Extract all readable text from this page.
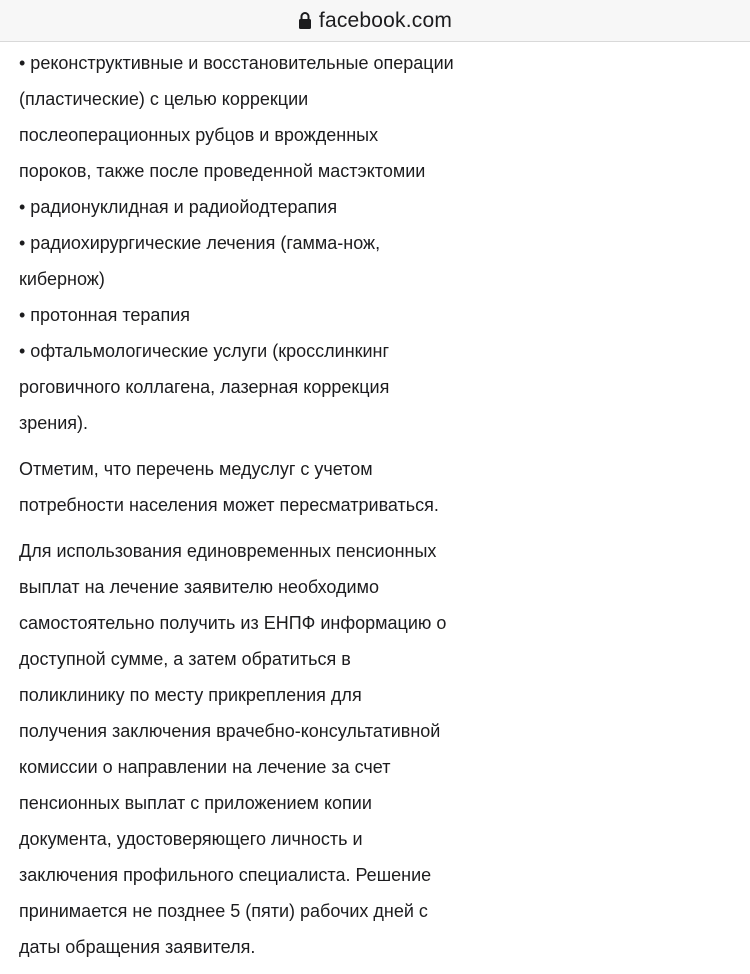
facebook.com
• реконструктивные и восстановительные операции
(пластические) с целью коррекции
послеоперационных рубцов и врожденных
пороков, также после проведенной мастэктомии
• радионуклидная и радиойодтерапия
• радиохирургические лечения (гамма-нож,
кибернож)
• протонная терапия
• офтальмологические услуги (кросслинкинг
роговичного коллагена, лазерная коррекция
зрения).
Отметим, что перечень медуслуг с учетом
потребности населения может пересматриваться.
Для использования единовременных пенсионных
выплат на лечение заявителю необходимо
самостоятельно получить из ЕНПФ информацию о
доступной сумме, а затем обратиться в
поликлинику по месту прикрепления для
получения заключения врачебно-консультативной
комиссии о направлении на лечение за счет
пенсионных выплат с приложением копии
документа, удостоверяющего личность и
заключения профильного специалиста. Решение
принимается не позднее 5 (пяти) рабочих дней с
даты обращения заявителя.
